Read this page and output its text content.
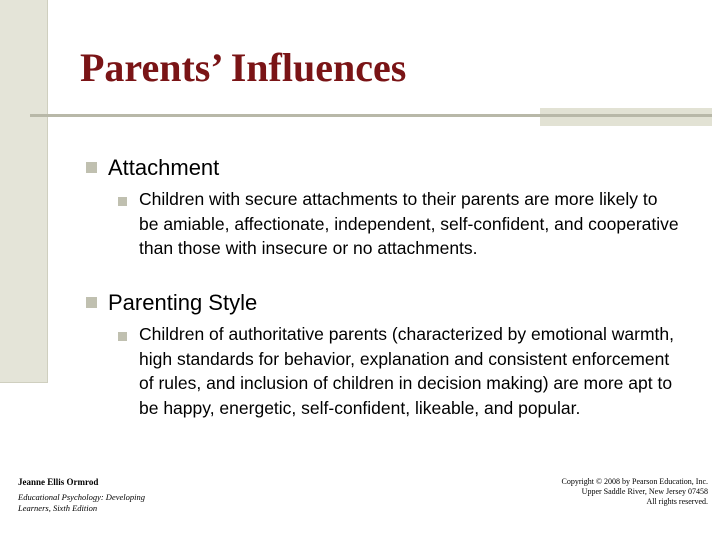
Parents’ Influences
Attachment
Children with secure attachments to their parents are more likely to be amiable, affectionate, independent, self-confident, and cooperative than those with insecure or no attachments.
Parenting Style
Children of authoritative parents (characterized by emotional warmth, high standards for behavior, explanation and consistent enforcement of rules, and inclusion of children in decision making) are more apt to be happy, energetic, self-confident, likeable, and popular.
Jeanne Ellis Ormrod
Educational Psychology: Developing
Learners, Sixth Edition
Copyright © 2008 by Pearson Education, Inc.
Upper Saddle River, New Jersey 07458
All rights reserved.
